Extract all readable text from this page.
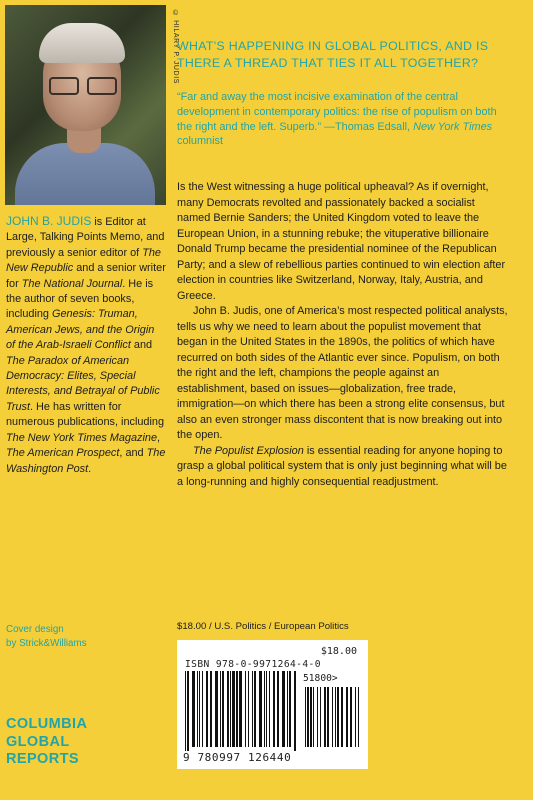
© HILARY P. JUDIS
JOHN B. JUDIS is Editor at Large, Talking Points Memo, and previously a senior editor of The New Republic and a senior writer for The National Journal. He is the author of seven books, including Genesis: Truman, American Jews, and the Origin of the Arab-Israeli Conflict and The Paradox of American Democracy: Elites, Special Interests, and Betrayal of Public Trust. He has written for numerous publications, including The New York Times Magazine, The American Prospect, and The Washington Post.
WHAT'S HAPPENING IN GLOBAL POLITICS, AND IS THERE A THREAD THAT TIES IT ALL TOGETHER?

“Far and away the most incisive examination of the central development in contemporary politics: the rise of populism on both the right and the left. Superb.” —Thomas Edsall, New York Times columnist

Is the West witnessing a huge political upheaval? As if overnight, many Democrats revolted and passionately backed a socialist named Bernie Sanders; the United Kingdom voted to leave the European Union, in a stunning rebuke; the vituperative billionaire Donald Trump became the presidential nominee of the Republican Party; and a slew of rebellious parties continued to win election after election in countries like Switzerland, Norway, Italy, Austria, and Greece.

John B. Judis, one of America’s most respected political analysts, tells us why we need to learn about the populist movement that began in the United States in the 1890s, the politics of which have recurred on both sides of the Atlantic ever since. Populism, on both the right and the left, champions the people against an establishment, based on issues—globalization, free trade, immigration—on which there has been a strong elite consensus, but also an even stronger mass discontent that is now breaking out into the open.

The Populist Explosion is essential reading for anyone hoping to grasp a global political system that is only just beginning what will be a long-running and highly consequential readjustment.

Cover design
by Strick&Williams
$18.00 / U.S. Politics / European Politics
$18.00
ISBN 978-0-9971264-4-0
51800>
9 780997 126440
COLUMBIA
GLOBAL
REPORTS
